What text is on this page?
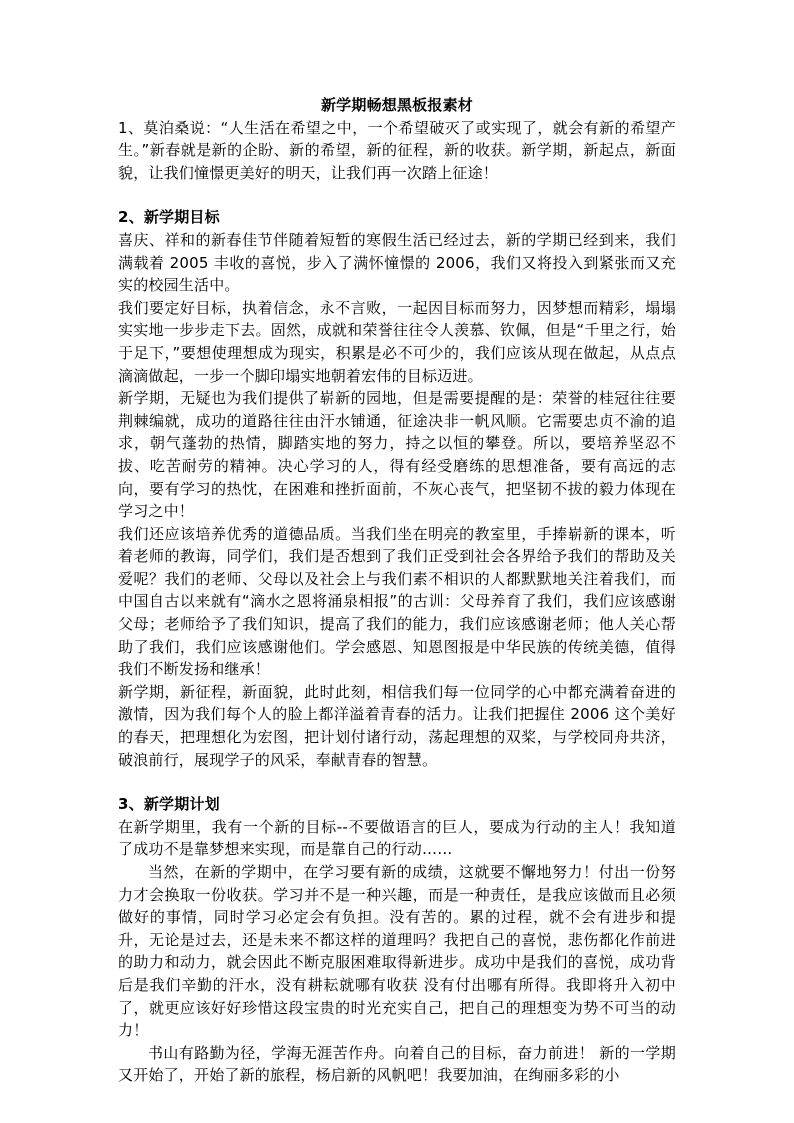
新学期畅想黑板报素材

1、莫泊桑说：“人生活在希望之中，一个希望破灭了或实现了，就会有新的希望产生。”新春就是新的企盼、新的希望，新的征程，新的收获。新学期，新起点，新面貌，让我们憧憬更美好的明天，让我们再一次踏上征途！

2、新学期目标

喜庆、祥和的新春佳节伴随着短暂的寒假生活已经过去，新的学期已经到来，我们满载着 2005 丰收的喜悦，步入了满怀憧憬的 2006，我们又将投入到紧张而又充实的校园生活中。

我们要定好目标，执着信念，永不言败，一起因目标而努力，因梦想而精彩，塌塌实实地一步步走下去。固然，成就和荣誉往往令人羡慕、钦佩，但是“千里之行，始于足下，”要想使理想成为现实，积累是必不可少的，我们应该从现在做起，从点点滴滴做起，一步一个脚印塌实地朝着宏伟的目标迈进。

新学期，无疑也为我们提供了崭新的园地，但是需要提醒的是：荣誉的桂冠往往要荆棘编就，成功的道路往往由汗水铺通，征途决非一帆风顺。它需要忠贞不渝的追求，朝气蓬勃的热情，脚踏实地的努力，持之以恒的攀登。所以，要培养坚忍不拔、吃苦耐劳的精神。决心学习的人，得有经受磨练的思想准备，要有高远的志向，要有学习的热忱，在困难和挫折面前，不灰心丧气，把坚韧不拔的毅力体现在学习之中！

我们还应该培养优秀的道德品质。当我们坐在明亮的教室里，手捧崭新的课本，听着老师的教诲，同学们，我们是否想到了我们正受到社会各界给予我们的帮助及关爱呢？我们的老师、父母以及社会上与我们素不相识的人都默默地关注着我们，而中国自古以来就有“滴水之恩将涌泉相报”的古训：父母养育了我们，我们应该感谢父母；老师给予了我们知识，提高了我们的能力，我们应该感谢老师；他人关心帮助了我们，我们应该感谢他们。学会感恩、知恩图报是中华民族的传统美德，值得我们不断发扬和继承！

新学期，新征程，新面貌，此时此刻，相信我们每一位同学的心中都充满着奋进的激情，因为我们每个人的脸上都洋溢着青春的活力。让我们把握住 2006 这个美好的春天，把理想化为宏图，把计划付诸行动，荡起理想的双桨，与学校同舟共济，破浪前行，展现学子的风采，奉献青春的智慧。

3、新学期计划

在新学期里，我有一个新的目标--不要做语言的巨人，要成为行动的主人！我知道了成功不是靠梦想来实现，而是靠自己的行动……

当然，在新的学期中，在学习要有新的成绩，这就要不懈地努力！付出一份努力才会换取一份收获。学习并不是一种兴趣，而是一种责任，是我应该做而且必须做好的事情，同时学习必定会有负担。没有苦的。累的过程，就不会有进步和提升，无论是过去，还是未来不都这样的道理吗？我把自己的喜悦，悲伤都化作前进的助力和动力，就会因此不断克服困难取得新进步。成功中是我们的喜悦，成功背后是我们辛勤的汗水，没有耕耘就哪有收获 没有付出哪有所得。我即将升入初中了，就更应该好好珍惜这段宝贵的时光充实自己，把自己的理想变为势不可当的动力！

书山有路勤为径，学海无涯苦作舟。向着自己的目标，奋力前进！ 新的一学期又开始了，开始了新的旅程，杨启新的风帆吧！我要加油，在绚丽多彩的小
